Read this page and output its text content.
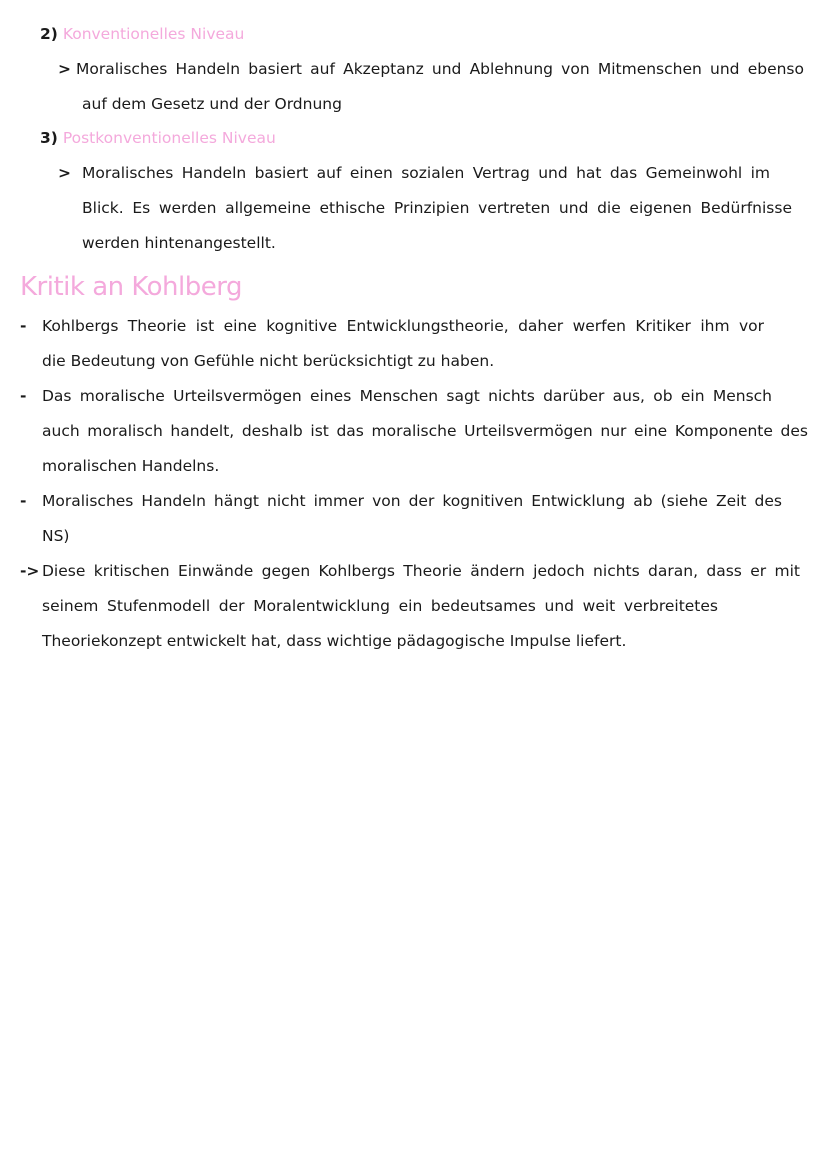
2) Konventionelles Niveau
> Moralisches Handeln basiert auf Akzeptanz und Ablehnung von Mitmenschen und ebenso
auf dem Gesetz und der Ordnung
3) Postkonventionelles Niveau
> Moralisches Handeln basiert auf einen sozialen Vertrag und hat das Gemeinwohl im
Blick. Es werden allgemeine ethische Prinzipien vertreten und die eigenen Bedürfnisse
werden hintenangestellt.
Kritik an Kohlberg
- Kohlbergs Theorie ist eine kognitive Entwicklungstheorie, daher werfen Kritiker ihm vor
die Bedeutung von Gefühle nicht berücksichtigt zu haben.
- Das moralische Urteilsvermögen eines Menschen sagt nichts darüber aus, ob ein Mensch
auch moralisch handelt, deshalb ist das moralische Urteilsvermögen nur eine Komponente des
moralischen Handelns.
- Moralisches Handeln hängt nicht immer von der kognitiven Entwicklung ab (siehe Zeit des
NS)
-> Diese kritischen Einwände gegen Kohlbergs Theorie ändern jedoch nichts daran, dass er mit
seinem Stufenmodell der Moralentwicklung ein bedeutsames und weit verbreitetes
Theoriekonzept entwickelt hat, dass wichtige pädagogische Impulse liefert.
